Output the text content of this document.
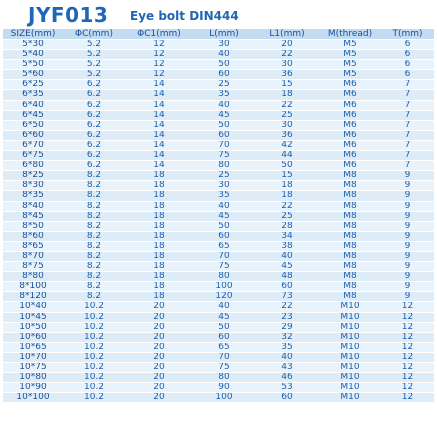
JYF013 Eye bolt DIN444
SIZE(mm)	ΦC(mm)	ΦC1(mm)	L(mm)	L1(mm)	M(thread)	T(mm)
5*30	5.2	12	30	20	M5	6
5*40	5.2	12	40	22	M5	6
5*50	5.2	12	50	30	M5	6
5*60	5.2	12	60	36	M5	6
6*25	6.2	14	25	15	M6	7
6*35	6.2	14	35	18	M6	7
6*40	6.2	14	40	22	M6	7
6*45	6.2	14	45	25	M6	7
6*50	6.2	14	50	30	M6	7
6*60	6.2	14	60	36	M6	7
6*70	6.2	14	70	42	M6	7
6*75	6.2	14	75	44	M6	7
6*80	6.2	14	80	50	M6	7
8*25	8.2	18	25	15	M8	9
8*30	8.2	18	30	18	M8	9
8*35	8.2	18	35	18	M8	9
8*40	8.2	18	40	22	M8	9
8*45	8.2	18	45	25	M8	9
8*50	8.2	18	50	28	M8	9
8*60	8.2	18	60	34	M8	9
8*65	8.2	18	65	38	M8	9
8*70	8.2	18	70	40	M8	9
8*75	8.2	18	75	45	M8	9
8*80	8.2	18	80	48	M8	9
8*100	8.2	18	100	60	M8	9
8*120	8.2	18	120	73	M8	9
10*40	10.2	20	40	22	M10	12
10*45	10.2	20	45	23	M10	12
10*50	10.2	20	50	29	M10	12
10*60	10.2	20	60	32	M10	12
10*65	10.2	20	65	35	M10	12
10*70	10.2	20	70	40	M10	12
10*75	10.2	20	75	43	M10	12
10*80	10.2	20	80	46	M10	12
10*90	10.2	20	90	53	M10	12
10*100	10.2	20	100	60	M10	12
